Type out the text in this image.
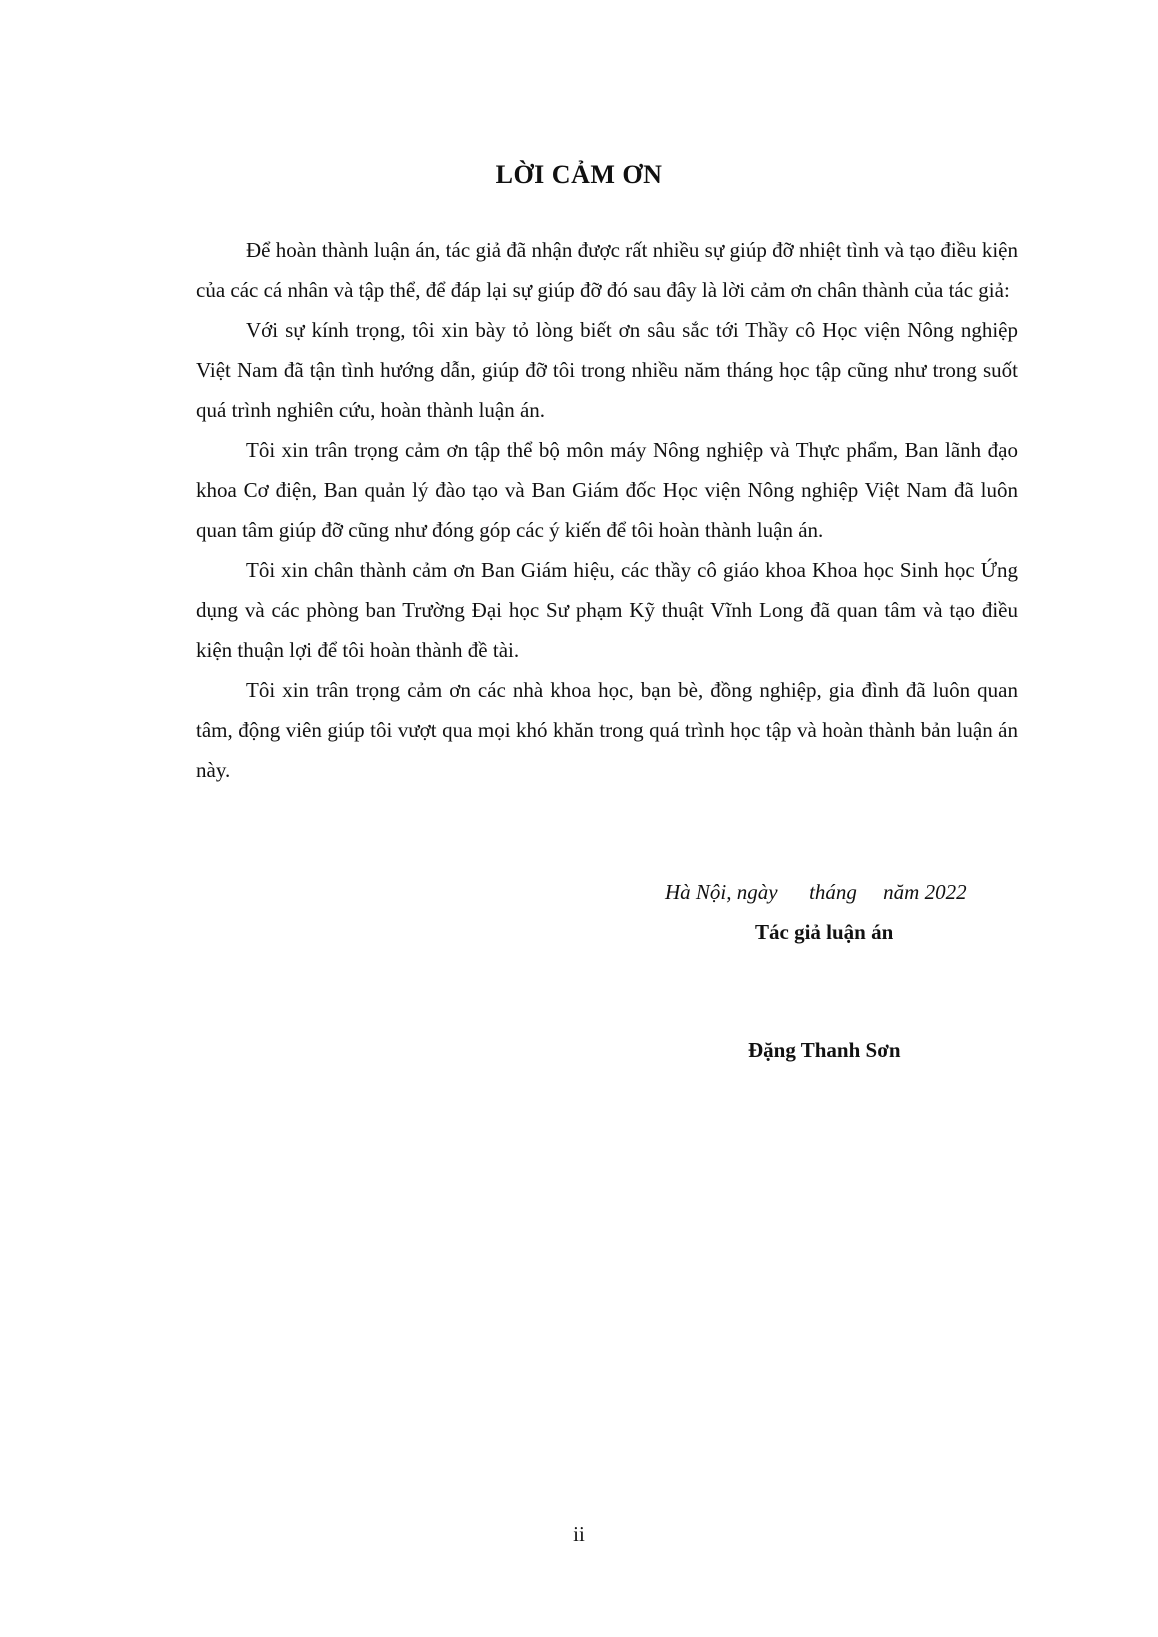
LỜI CẢM ƠN

Để hoàn thành luận án, tác giả đã nhận được rất nhiều sự giúp đỡ nhiệt tình và tạo điều kiện của các cá nhân và tập thể, để đáp lại sự giúp đỡ đó sau đây là lời cảm ơn chân thành của tác giả:

Với sự kính trọng, tôi xin bày tỏ lòng biết ơn sâu sắc tới Thầy cô Học viện Nông nghiệp Việt Nam đã tận tình hướng dẫn, giúp đỡ tôi trong nhiều năm tháng học tập cũng như trong suốt quá trình nghiên cứu, hoàn thành luận án.

Tôi xin trân trọng cảm ơn tập thể bộ môn máy Nông nghiệp và Thực phẩm, Ban lãnh đạo khoa Cơ điện, Ban quản lý đào tạo và Ban Giám đốc Học viện Nông nghiệp Việt Nam đã luôn quan tâm giúp đỡ cũng như đóng góp các ý kiến để tôi hoàn thành luận án.

Tôi xin chân thành cảm ơn Ban Giám hiệu, các thầy cô giáo khoa Khoa học Sinh học Ứng dụng và các phòng ban Trường Đại học Sư phạm Kỹ thuật Vĩnh Long đã quan tâm và tạo điều kiện thuận lợi để tôi hoàn thành đề tài.

Tôi xin trân trọng cảm ơn các nhà khoa học, bạn bè, đồng nghiệp, gia đình đã luôn quan tâm, động viên giúp tôi vượt qua mọi khó khăn trong quá trình học tập và hoàn thành bản luận án này.

Hà Nội, ngày      tháng     năm 2022
Tác giả luận án
Đặng Thanh Sơn
ii
